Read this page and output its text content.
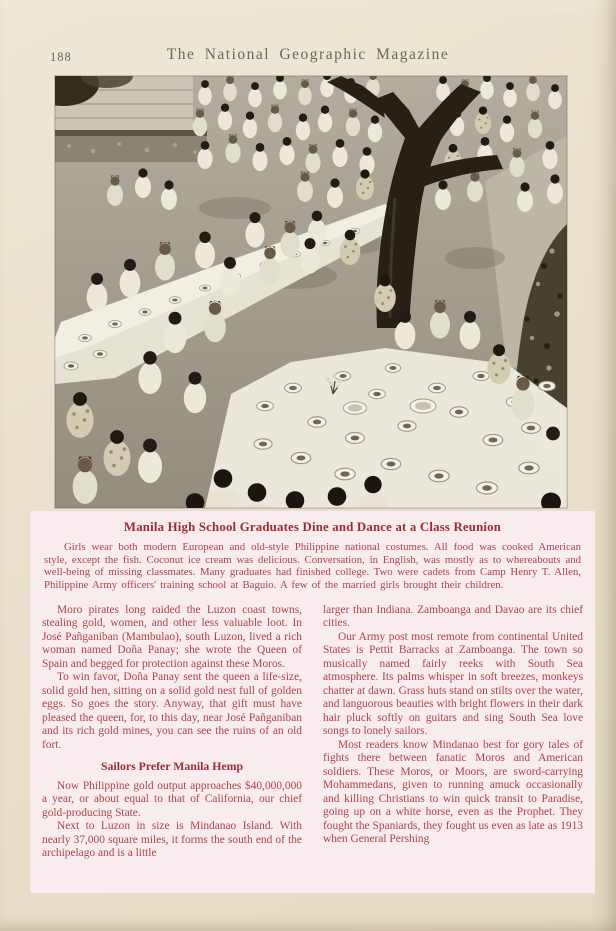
188	The National Geographic Magazine
Manila High School Graduates Dine and Dance at a Class Reunion

Girls wear both modern European and old-style Philippine national costumes. All food was cooked American style, except the fish. Coconut ice cream was delicious. Conversation, in English, was mostly as to whereabouts and well-being of missing classmates. Many graduates had finished college. Two were cadets from Camp Henry T. Allen, Philippine Army officers' training school at Baguio. A few of the married girls brought their children.

Moro pirates long raided the Luzon coast towns, stealing gold, women, and other less valuable loot. In José Pañganiban (Mambulao), south Luzon, lived a rich woman named Doña Panay; she wrote the Queen of Spain and begged for protection against these Moros.

To win favor, Doña Panay sent the queen a life-size, solid gold hen, sitting on a solid gold nest full of golden eggs. So goes the story. Anyway, that gift must have pleased the queen, for, to this day, near José Pañganiban and its rich gold mines, you can see the ruins of an old fort.

Sailors Prefer Manila Hemp

Now Philippine gold output approaches $40,000,000 a year, or about equal to that of California, our chief gold-producing State.

Next to Luzon in size is Mindanao Island. With nearly 37,000 square miles, it forms the south end of the archipelago and is a little

larger than Indiana. Zamboanga and Davao are its chief cities.

Our Army post most remote from continental United States is Pettit Barracks at Zamboanga. The town so musically named fairly reeks with South Sea atmosphere. Its palms whisper in soft breezes, monkeys chatter at dawn. Grass huts stand on stilts over the water, and languorous beauties with bright flowers in their dark hair pluck softly on guitars and sing South Sea love songs to lonely sailors.

Most readers know Mindanao best for gory tales of fights there between fanatic Moros and American soldiers. These Moros, or Moors, are sword-carrying Mohammedans, given to running amuck occasionally and killing Christians to win quick transit to Paradise, going up on a white horse, even as the Prophet. They fought the Spaniards, they fought us even as late as 1913 when General Pershing
